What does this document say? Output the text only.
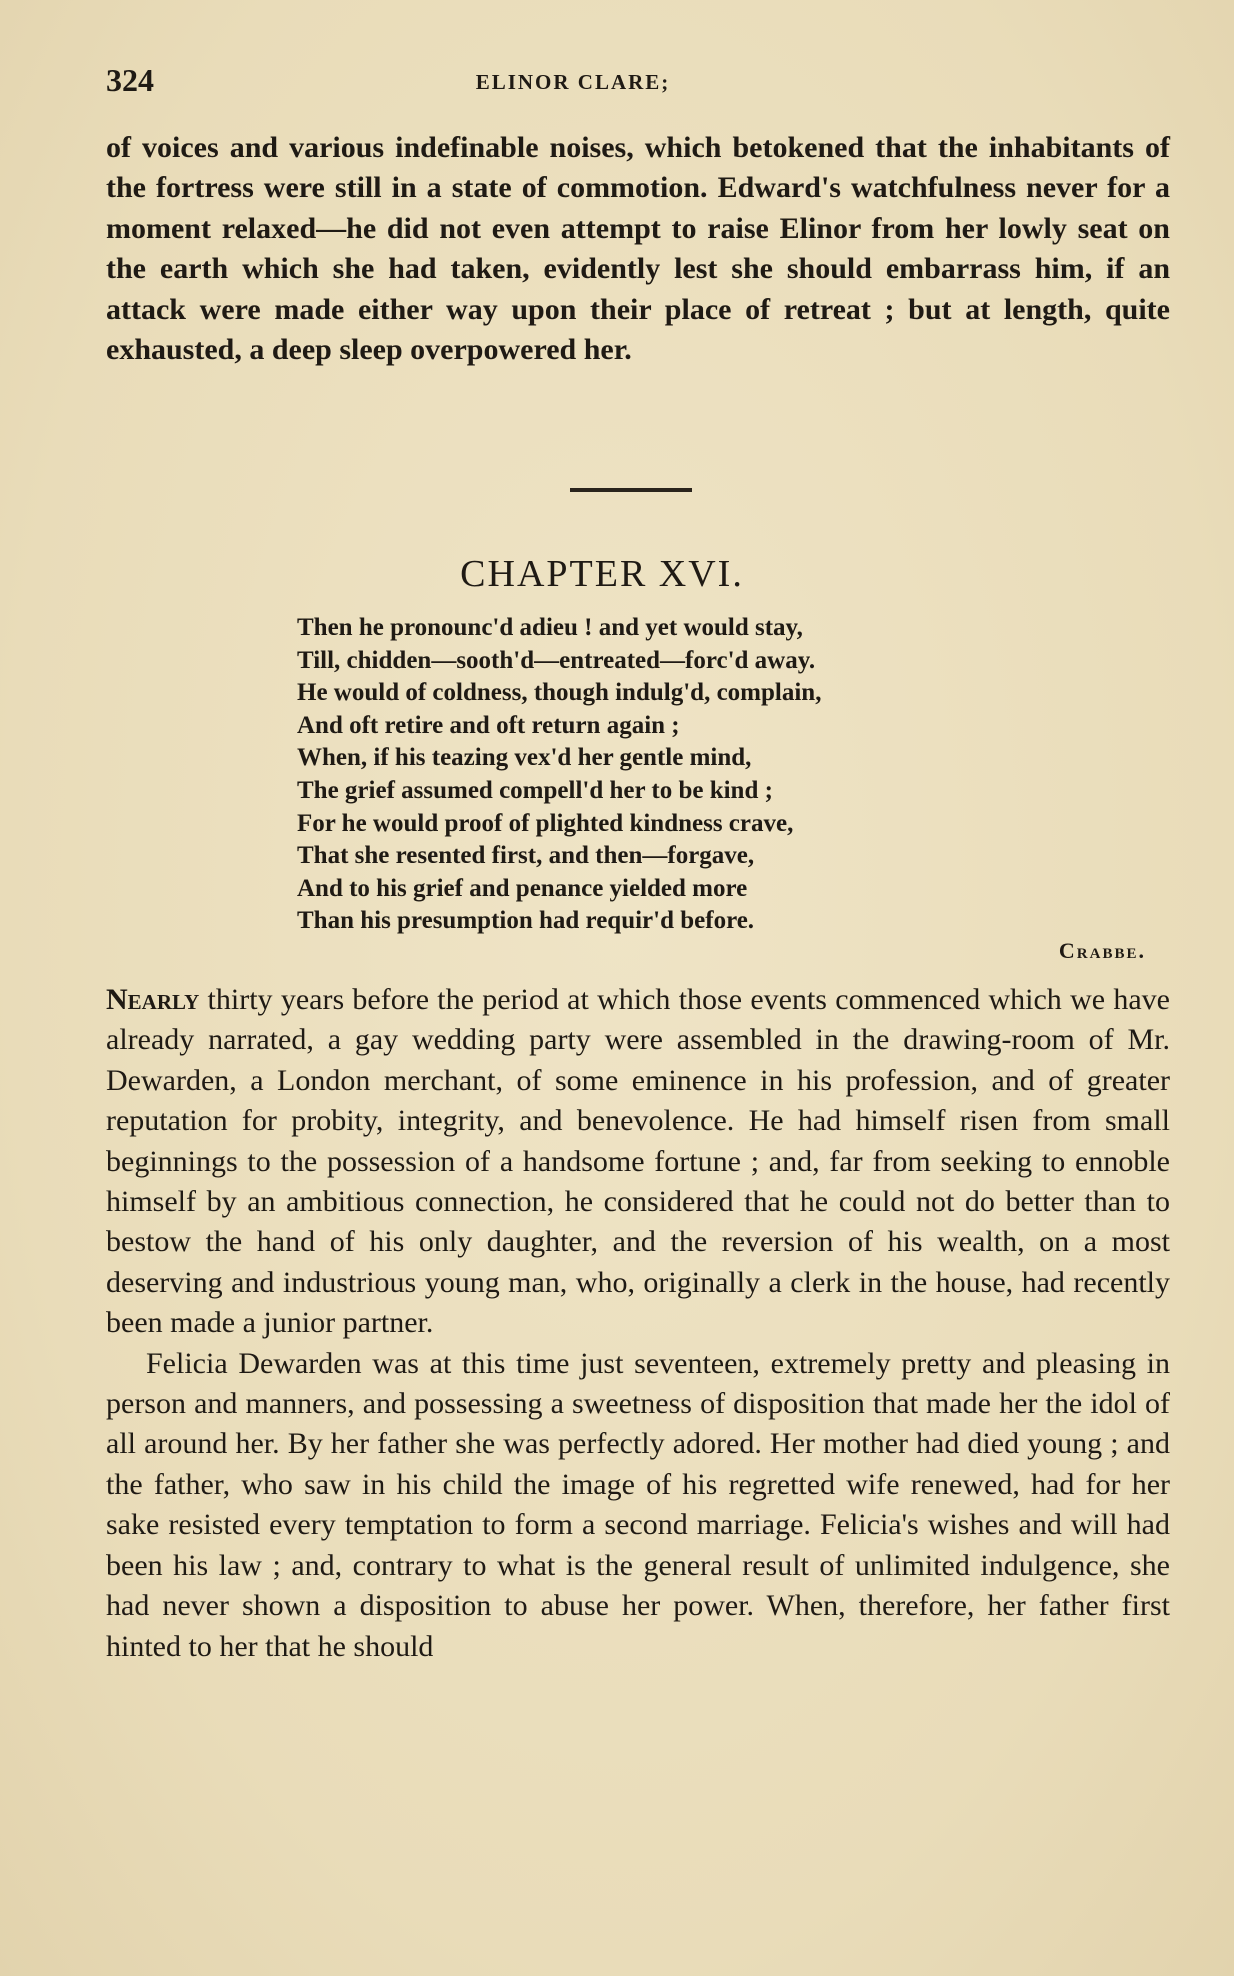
324	ELINOR CLARE;

of voices and various indefinable noises, which betokened that the inhabitants of the fortress were still in a state of commotion. Edward's watchfulness never for a moment relaxed—he did not even attempt to raise Elinor from her lowly seat on the earth which she had taken, evidently lest she should embarrass him, if an attack were made either way upon their place of retreat ; but at length, quite exhausted, a deep sleep overpowered her.

CHAPTER XVI.
Then he pronounc'd adieu ! and yet would stay,
Till, chidden—sooth'd—entreated—forc'd away.
He would of coldness, though indulg'd, complain,
And oft retire and oft return again ;
When, if his teazing vex'd her gentle mind,
The grief assumed compell'd her to be kind ;
For he would proof of plighted kindness crave,
That she resented first, and then—forgave,
And to his grief and penance yielded more
Than his presumption had requir'd before.
Crabbe.

Nearly thirty years before the period at which those events commenced which we have already narrated, a gay wedding party were assembled in the drawing-room of Mr. Dewarden, a London merchant, of some eminence in his profession, and of greater reputation for probity, integrity, and benevolence. He had himself risen from small beginnings to the possession of a handsome fortune ; and, far from seeking to ennoble himself by an ambitious connection, he considered that he could not do better than to bestow the hand of his only daughter, and the reversion of his wealth, on a most deserving and industrious young man, who, originally a clerk in the house, had recently been made a junior partner.

Felicia Dewarden was at this time just seventeen, extremely pretty and pleasing in person and manners, and possessing a sweetness of disposition that made her the idol of all around her. By her father she was perfectly adored. Her mother had died young ; and the father, who saw in his child the image of his regretted wife renewed, had for her sake resisted every temptation to form a second marriage. Felicia's wishes and will had been his law ; and, contrary to what is the general result of unlimited indulgence, she had never shown a disposition to abuse her power. When, therefore, her father first hinted to her that he should
